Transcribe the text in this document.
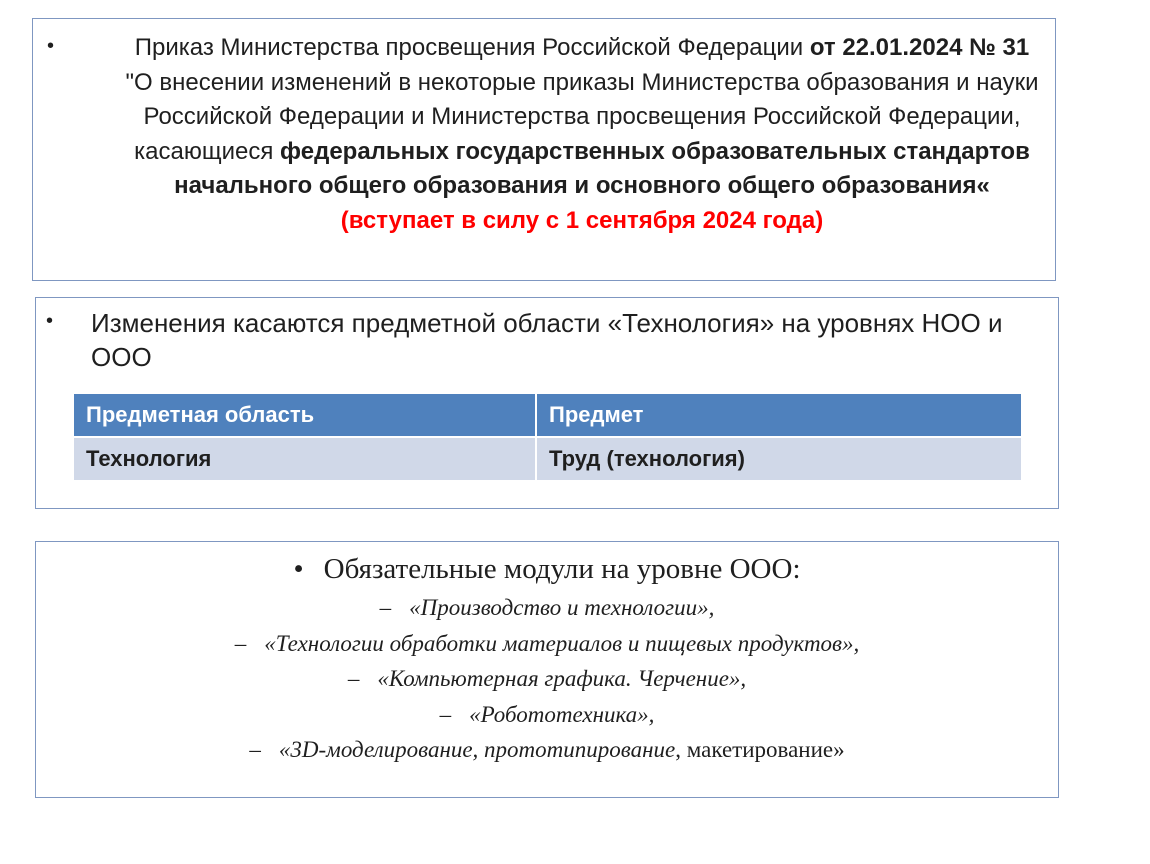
•	Приказ Министерства просвещения Российской Федерации от 22.01.2024 № 31 "О внесении изменений в некоторые приказы Министерства образования и науки Российской Федерации и Министерства просвещения Российской Федерации, касающиеся федеральных государственных образовательных стандартов начального общего образования и основного общего образования« (вступает в силу с 1 сентября 2024 года)
• Изменения касаются предметной области «Технология» на уровнях НОО и ООО
Предметная область	Предмет
Технология	Труд (технология)
• Обязательные модули на уровне ООО:
– «Производство и технологии»,
– «Технологии обработки материалов и пищевых продуктов»,
– «Компьютерная графика. Черчение»,
– «Робототехника»,
– «3D-моделирование, прототипирование, макетирование»
